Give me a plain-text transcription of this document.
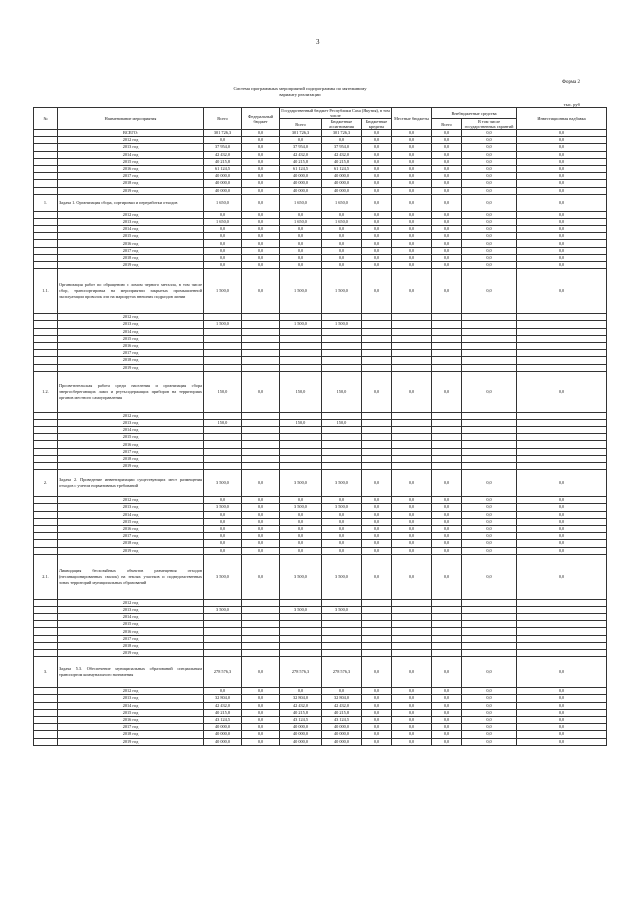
3
Форма 2
Система программных мероприятий подпрограммы по мятеживому варианту реализации
тыс. руб
№	Наименование мероприятия	Всего	Федеральный бюджет	Государственный бюджет Республики Саха (Якутия), в том числе			Местные бюджеты	Внебюджетные средства		Инвестиционная надбавка
				Всего	Бюджетные ассигнования	Бюджетные кредиты		Всего	В том числе государственных гарантий	

	ВСЕГО:	301 726,3	0,0	301 726,3	301 726,3	0,0	0,0	0,0	0,0	0,0
	2012 год	0,0	0,0	0,0	0,0	0,0	0,0	0,0	0,0	0,0
	2013 год	37 954,0	0,0	37 954,0	37 954,0	0,0	0,0	0,0	0,0	0,0
	2014 год	42 432,0	0,0	42 432,0	42 432,0	0,0	0,0	0,0	0,0	0,0
	2015 год	40 215,8	0,0	40 215,8	40 215,8	0,0	0,0	0,0	0,0	0,0
	2016 год	61 124,5	0,0	61 124,5	61 124,5	0,0	0,0	0,0	0,0	0,0
	2017 год	40 000,0	0,0	40 000,0	40 000,0	0,0	0,0	0,0	0,0	0,0
	2018 год	40 000,0	0,0	40 000,0	40 000,0	0,0	0,0	0,0	0,0	0,0
	2019 год	40 000,0	0,0	40 000,0	40 000,0	0,0	0,0	0,0	0,0	0,0
1.	Задача 1. Организация сбора, сортировки и переработки отходов	1 650,0	0,0	1 650,0	1 650,0	0,0	0,0	0,0	0,0	0,0
	2012 год	0,0	0,0	0,0	0,0	0,0	0,0	0,0	0,0	0,0
	2013 год	1 650,0	0,0	1 650,0	1 650,0	0,0	0,0	0,0	0,0	0,0
	2014 год	0,0	0,0	0,0	0,0	0,0	0,0	0,0	0,0	0,0
	2015 год	0,0	0,0	0,0	0,0	0,0	0,0	0,0	0,0	0,0
	2016 год	0,0	0,0	0,0	0,0	0,0	0,0	0,0	0,0	0,0
	2017 год	0,0	0,0	0,0	0,0	0,0	0,0	0,0	0,0	0,0
	2018 год	0,0	0,0	0,0	0,0	0,0	0,0	0,0	0,0	0,0
	2019 год	0,0	0,0	0,0	0,0	0,0	0,0	0,0	0,0	0,0
1.1.	Организация работ по обращению с ломом черного металла, в том числе сбор, транспортировка на мероприятии закрытых промышленной эксплуатации проволок лэп на маршрутах внешних подраздов линии	1 500,0	0,0	1 500,0	1 500,0	0,0	0,0	0,0	0,0	0,0
	2012 год									
	2013 год	1 500,0		1 500,0	1 500,0					
	2014 год									
	2015 год									
	2016 год									
	2017 год									
	2018 год									
	2019 год									
1.2.	Просветительская работа среди населения и организация сбора энергосберегающих ламп и ртутьсодержащих приборов на территориях органов местного самоуправления	150,0	0,0	150,0	150,0	0,0	0,0	0,0	0,0	0,0
	2012 год									
	2013 год	150,0		150,0	150,0					
	2014 год									
	2015 год									
	2016 год									
	2017 год									
	2018 год									
	2019 год									
2.	Задача 2. Проведение инвентаризации существующих мест размещения отходов с учетом нормативных требований	3 500,0	0,0	3 500,0	3 500,0	0,0	0,0	0,0	0,0	0,0
	2012 год	0,0	0,0	0,0	0,0	0,0	0,0	0,0	0,0	0,0
	2013 год	3 500,0	0,0	3 500,0	3 500,0	0,0	0,0	0,0	0,0	0,0
	2014 год	0,0	0,0	0,0	0,0	0,0	0,0	0,0	0,0	0,0
	2015 год	0,0	0,0	0,0	0,0	0,0	0,0	0,0	0,0	0,0
	2016 год	0,0	0,0	0,0	0,0	0,0	0,0	0,0	0,0	0,0
	2017 год	0,0	0,0	0,0	0,0	0,0	0,0	0,0	0,0	0,0
	2018 год	0,0	0,0	0,0	0,0	0,0	0,0	0,0	0,0	0,0
	2019 год	0,0	0,0	0,0	0,0	0,0	0,0	0,0	0,0	0,0
2.1.	Ликвидация бесхозяйных объектов размещения отходов (несанкционированных свалок) на землях участков и подведомственных зонах территорий муниципальных образований	3 500,0	0,0	3 500,0	3 500,0	0,0	0,0	0,0	0,0	0,0
	2012 год									
	2013 год	3 500,0		3 500,0	3 500,0					
	2014 год									
	2015 год									
	2016 год									
	2017 год									
	2018 год									
	2019 год									
3.	Задача 5.3. Обеспечение муниципальных образований специальным транспортом коммунального назначения	278 576,3	0,0	278 576,3	278 576,3	0,0	0,0	0,0	0,0	0,0
	2012 год	0,0	0,0	0,0	0,0	0,0	0,0	0,0	0,0	0,0
	2013 год	32 804,0	0,0	32 804,0	32 804,0	0,0	0,0	0,0	0,0	0,0
	2014 год	42 432,0	0,0	42 432,0	42 432,0	0,0	0,0	0,0	0,0	0,0
	2015 год	40 215,8	0,0	40 215,8	40 215,8	0,0	0,0	0,0	0,0	0,0
	2016 год	43 124,5	0,0	43 124,5	43 124,5	0,0	0,0	0,0	0,0	0,0
	2017 год	40 000,0	0,0	40 000,0	40 000,0	0,0	0,0	0,0	0,0	0,0
	2018 год	40 000,0	0,0	40 000,0	40 000,0	0,0	0,0	0,0	0,0	0,0
	2019 год	40 000,0	0,0	40 000,0	40 000,0	0,0	0,0	0,0	0,0	0,0
